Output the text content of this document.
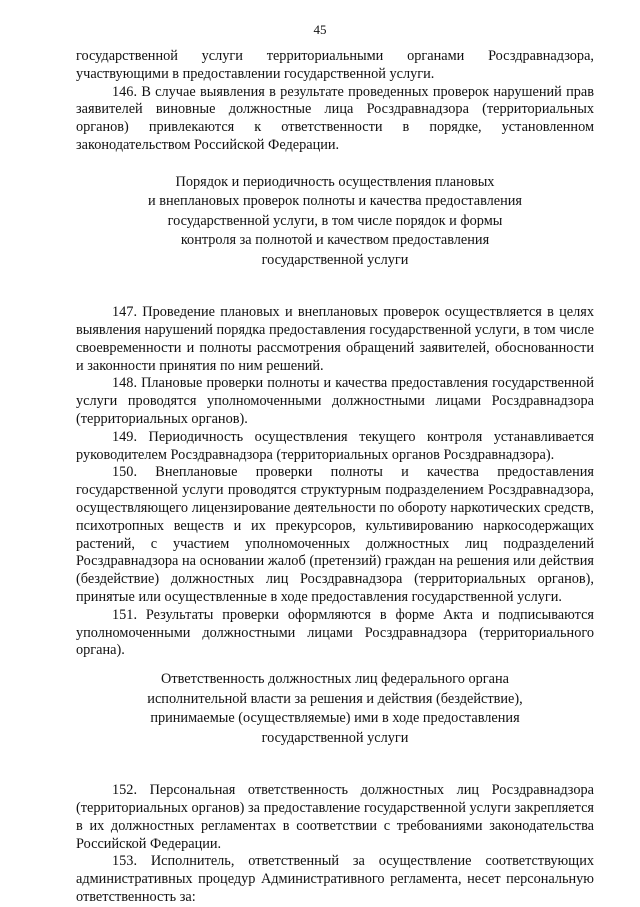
45

государственной услуги территориальными органами Росздравнадзора, участвующими в предоставлении государственной услуги.

146. В случае выявления в результате проведенных проверок нарушений прав заявителей виновные должностные лица Росздравнадзора (территориальных органов) привлекаются к ответственности в порядке, установленном законодательством Российской Федерации.

Порядок и периодичность осуществления плановых
и внеплановых проверок полноты и качества предоставления
государственной услуги, в том числе порядок и формы
контроля за полнотой и качеством предоставления
государственной услуги

147. Проведение плановых и внеплановых проверок осуществляется в целях выявления нарушений порядка предоставления государственной услуги, в том числе своевременности и полноты рассмотрения обращений заявителей, обоснованности и законности принятия по ним решений.

148. Плановые проверки полноты и качества предоставления государственной услуги проводятся уполномоченными должностными лицами Росздравнадзора (территориальных органов).

149. Периодичность осуществления текущего контроля устанавливается руководителем Росздравнадзора (территориальных органов Росздравнадзора).

150. Внеплановые проверки полноты и качества предоставления государственной услуги проводятся структурным подразделением Росздравнадзора, осуществляющего лицензирование деятельности по обороту наркотических средств, психотропных веществ и их прекурсоров, культивированию наркосодержащих растений, с участием уполномоченных должностных лиц подразделений Росздравнадзора на основании жалоб (претензий) граждан на решения или действия (бездействие) должностных лиц Росздравнадзора (территориальных органов), принятые или осуществленные в ходе предоставления государственной услуги.

151. Результаты проверки оформляются в форме Акта и подписываются уполномоченными должностными лицами Росздравнадзора (территориального органа).

Ответственность должностных лиц федерального органа
исполнительной власти за решения и действия (бездействие),
принимаемые (осуществляемые) ими в ходе предоставления
государственной услуги

152. Персональная ответственность должностных лиц Росздравнадзора (территориальных органов) за предоставление государственной услуги закрепляется в их должностных регламентах в соответствии с требованиями законодательства Российской Федерации.

153. Исполнитель, ответственный за осуществление соответствующих административных процедур Административного регламента, несет персональную ответственность за:
